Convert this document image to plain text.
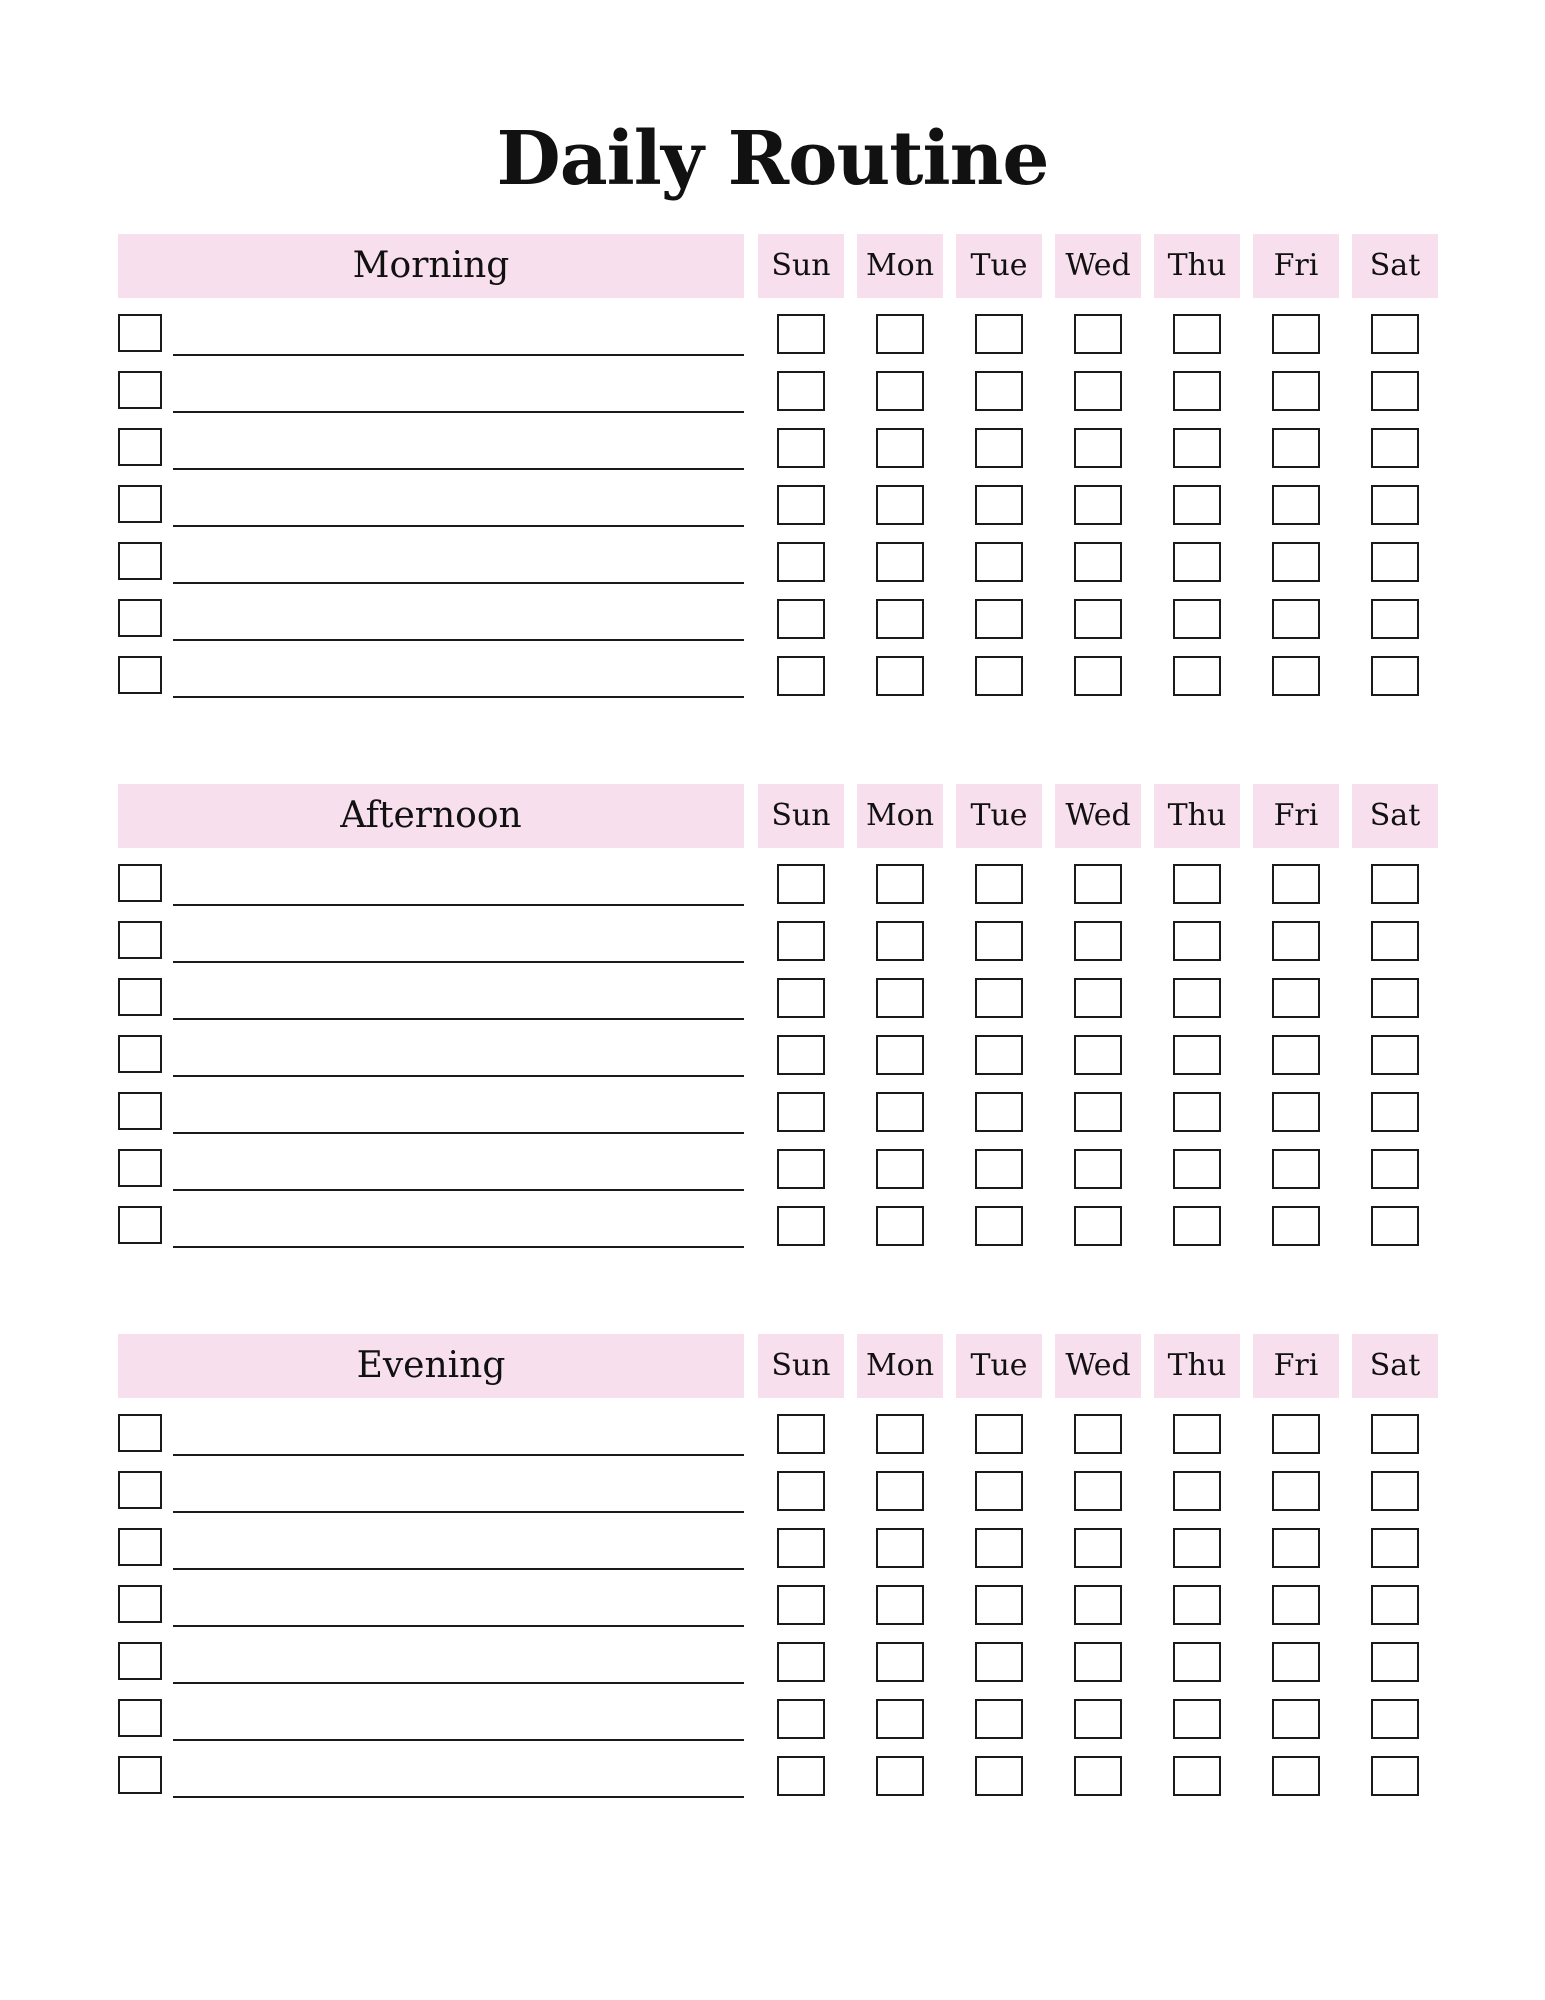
Daily Routine
Morning	Sun	Mon	Tue	Wed	Thu	Fri	Sat
Afternoon	Sun	Mon	Tue	Wed	Thu	Fri	Sat
Evening	Sun	Mon	Tue	Wed	Thu	Fri	Sat
